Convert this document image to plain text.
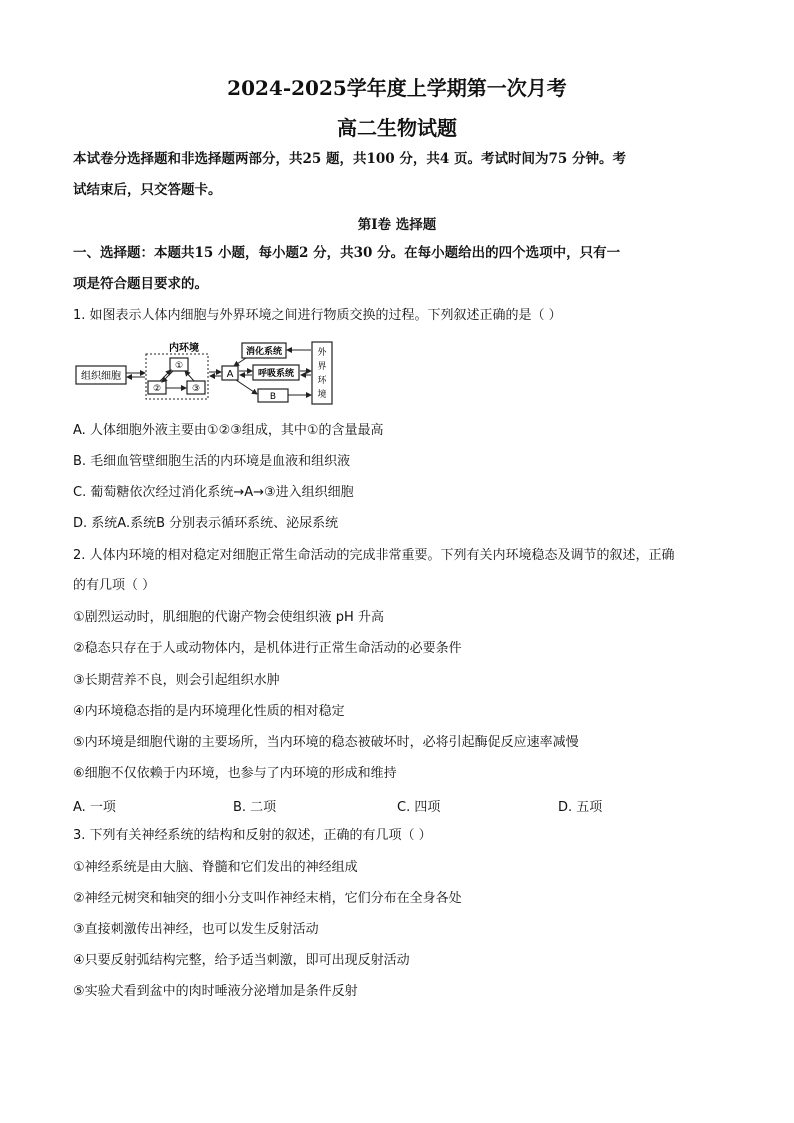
2024-2025学年度上学期第一次月考
高二生物试题
本试卷分选择题和非选择题两部分，共25 题，共100 分，共4 页。考试时间为75 分钟。考
试结束后，只交答题卡。
第Ⅰ卷 选择题
一、选择题：本题共15 小题，每小题2 分，共30 分。在每小题给出的四个选项中，只有一
项是符合题目要求的。
1. 如图表示人体内细胞与外界环境之间进行物质交换的过程。下列叙述正确的是（ ）
组织细胞
内环境
①
②	③
A
消化系统
呼吸系统
B
外
界
环
境
A. 人体细胞外液主要由①②③组成，其中①的含量最高
B. 毛细血管壁细胞生活的内环境是血液和组织液
C. 葡萄糖依次经过消化系统→A→③进入组织细胞
D. 系统A.系统B 分别表示循环系统、泌尿系统
2. 人体内环境的相对稳定对细胞正常生命活动的完成非常重要。下列有关内环境稳态及调节的叙述，正确
的有几项（ ）
①剧烈运动时，肌细胞的代谢产物会使组织液 pH 升高
②稳态只存在于人或动物体内，是机体进行正常生命活动的必要条件
③长期营养不良，则会引起组织水肿
④内环境稳态指的是内环境理化性质的相对稳定
⑤内环境是细胞代谢的主要场所，当内环境的稳态被破坏时，必将引起酶促反应速率减慢
⑥细胞不仅依赖于内环境，也参与了内环境的形成和维持
A. 一项	B. 二项	C. 四项	D. 五项
3. 下列有关神经系统的结构和反射的叙述，正确的有几项（ ）
①神经系统是由大脑、脊髓和它们发出的神经组成
②神经元树突和轴突的细小分支叫作神经末梢，它们分布在全身各处
③直接刺激传出神经，也可以发生反射活动
④只要反射弧结构完整，给予适当刺激，即可出现反射活动
⑤实验犬看到盆中的肉时唾液分泌增加是条件反射
